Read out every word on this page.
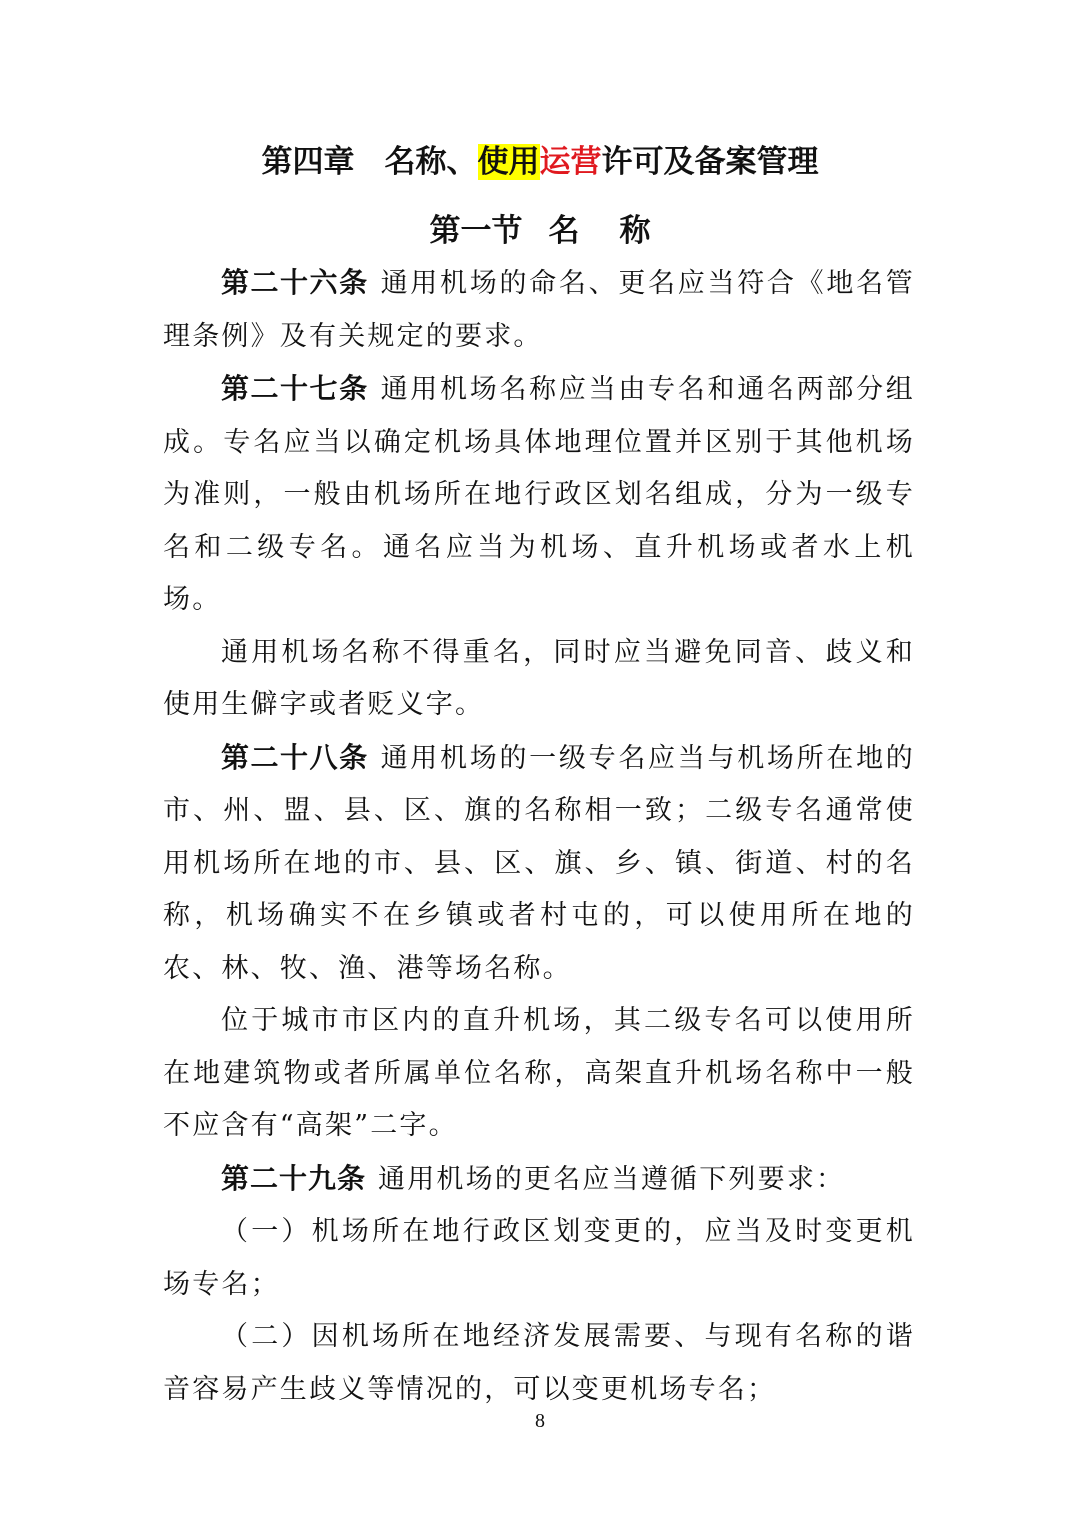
第四章 名称、使用运营许可及备案管理
第一节 名 称

第二十六条 通用机场的命名、更名应当符合《地名管理条例》及有关规定的要求。

第二十七条 通用机场名称应当由专名和通名两部分组成。专名应当以确定机场具体地理位置并区别于其他机场为准则，一般由机场所在地行政区划名组成，分为一级专名和二级专名。通名应当为机场、直升机场或者水上机场。

通用机场名称不得重名，同时应当避免同音、歧义和使用生僻字或者贬义字。

第二十八条 通用机场的一级专名应当与机场所在地的市、州、盟、县、区、旗的名称相一致；二级专名通常使用机场所在地的市、县、区、旗、乡、镇、街道、村的名称，机场确实不在乡镇或者村屯的，可以使用所在地的农、林、牧、渔、港等场名称。

位于城市市区内的直升机场，其二级专名可以使用所在地建筑物或者所属单位名称，高架直升机场名称中一般不应含有“高架”二字。

第二十九条 通用机场的更名应当遵循下列要求：

（一）机场所在地行政区划变更的，应当及时变更机场专名；

（二）因机场所在地经济发展需要、与现有名称的谐音容易产生歧义等情况的，可以变更机场专名；

8
